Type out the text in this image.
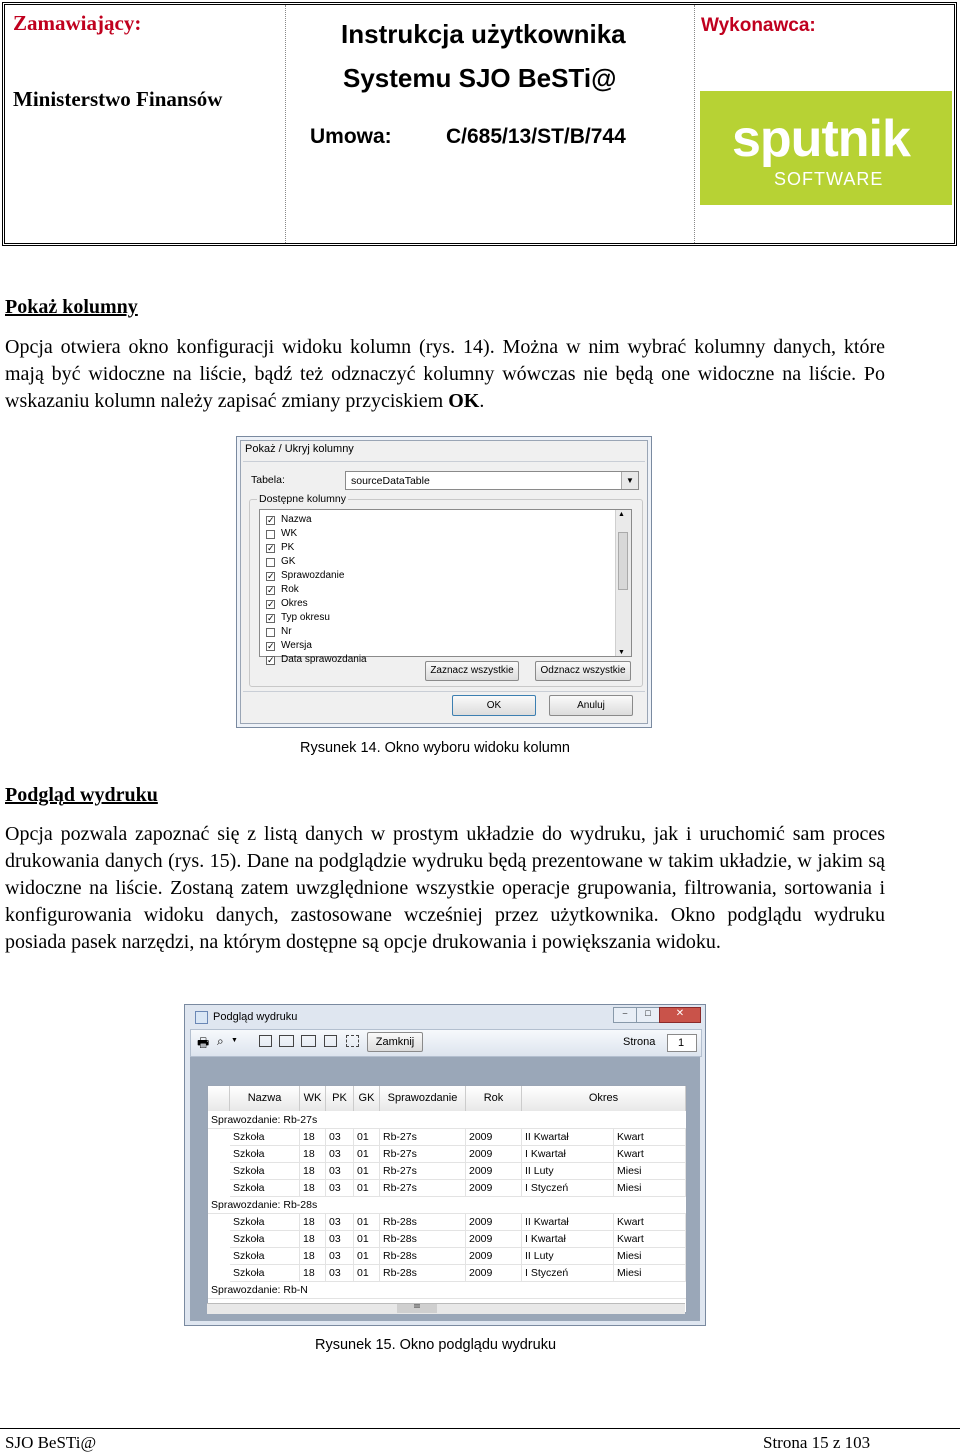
Zamawiający:
Ministerstwo Finansów
Instrukcja użytkownika
Systemu SJO BeSTi@
Umowa:	C/685/13/ST/B/744
Wykonawca:
sputnik
SOFTWARE
Pokaż kolumny
Opcja otwiera okno konfiguracji widoku kolumn (rys. 14). Można w nim wybrać kolumny danych, które mają być widoczne na liście, bądź też odznaczyć kolumny wówczas nie będą one widoczne na liście. Po wskazaniu kolumn należy zapisać zmiany przyciskiem OK.
Pokaż / Ukryj kolumny
Tabela:	sourceDataTable	▼
Dostępne kolumny
✓ Nazwa
WK
✓ PK
GK
✓ Sprawozdanie
✓ Rok
✓ Okres
✓ Typ okresu
Nr
✓ Wersja
✓ Data sprawozdania
▲
▼
Zaznacz wszystkie	Odznacz wszystkie
OK	Anuluj
Rysunek 14. Okno wyboru widoku kolumn
Podgląd wydruku
Opcja pozwala zapoznać się z listą danych w prostym układzie do wydruku, jak i uruchomić sam proces drukowania danych (rys. 15). Dane na podglądzie wydruku będą prezentowane w takim układzie, w jakim są widoczne na liście. Zostaną zatem uwzględnione wszystkie operacje grupowania, filtrowania, sortowania i konfigurowania widoku danych, zastosowane wcześniej przez użytkownika. Okno podglądu wydruku posiada pasek narzędzi, na którym dostępne są opcje drukowania i powiększania widoku.
Podgląd wydruku	–	□	✕
🖶 ⌕ ▼	Zamknij	Strona 1
Nazwa	WK PK	GK	Sprawozdanie	Rok	Okres
Sprawozdanie: Rb-27s
Szkoła	18	03	01	Rb-27s	2009	II Kwartał	Kwart
Szkoła	18	03	01	Rb-27s	2009	I Kwartał	Kwart
Szkoła	18	03	01	Rb-27s	2009	II Luty	Miesi
Szkoła	18	03	01	Rb-27s	2009	I Styczeń	Miesi
Sprawozdanie: Rb-28s
Szkoła	18	03	01	Rb-28s	2009	II Kwartał	Kwart
Szkoła	18	03	01	Rb-28s	2009	I Kwartał	Kwart
Szkoła	18	03	01	Rb-28s	2009	II Luty	Miesi
Szkoła	18	03	01	Rb-28s	2009	I Styczeń	Miesi
Sprawozdanie: Rb-N
III
Rysunek 15. Okno podglądu wydruku
SJO BeSTi@	Strona 15 z 103
